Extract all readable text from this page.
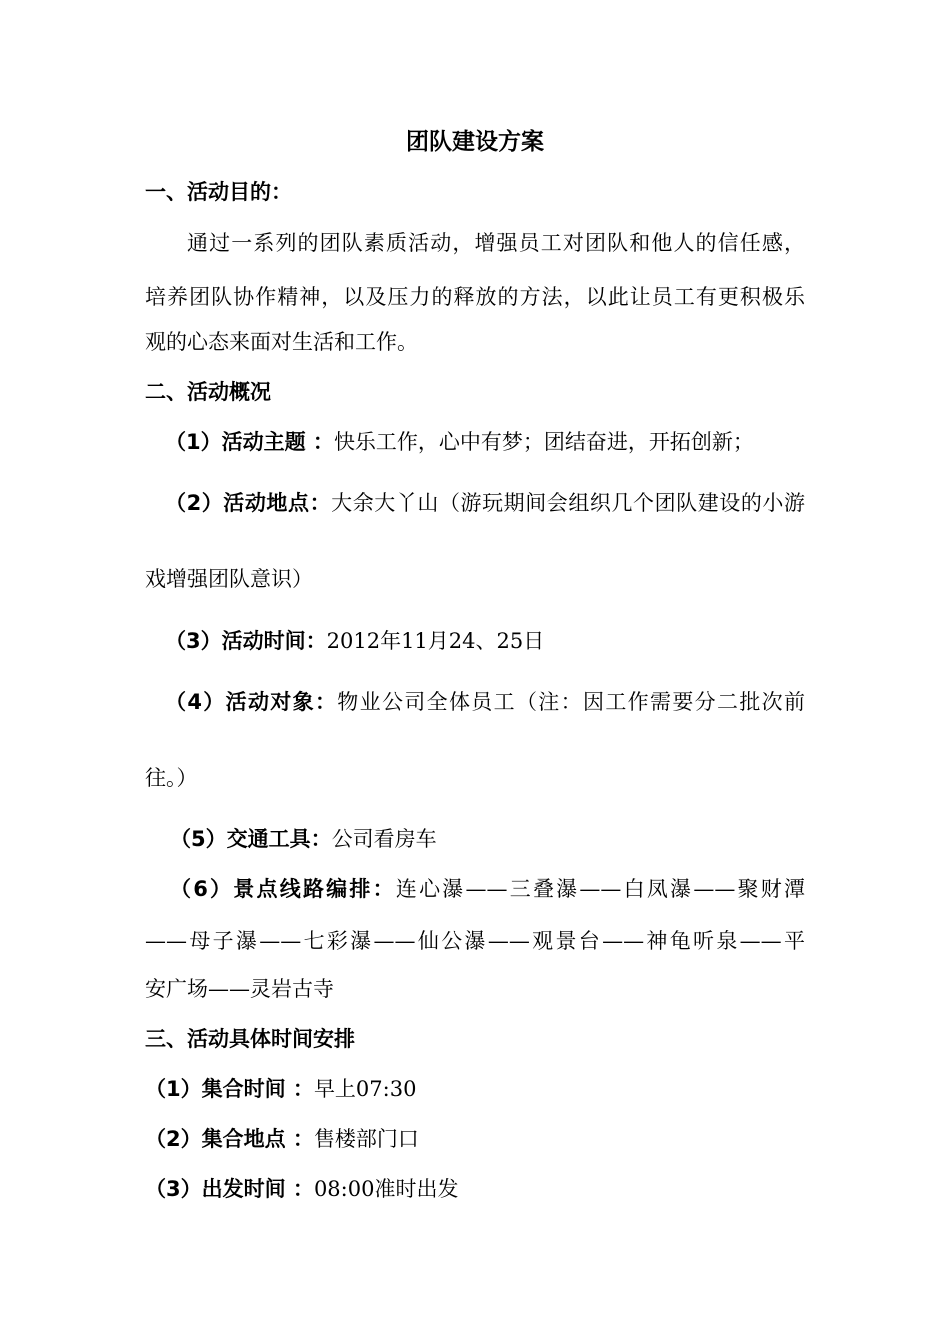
团队建设方案
一、活动目的：
通过一系列的团队素质活动，增强员工对团队和他人的信任感，
培养团队协作精神，以及压力的释放的方法，以此让员工有更积极乐
观的心态来面对生活和工作。
二、活动概况
（1）活动主题 ：快乐工作，心中有梦；团结奋进，开拓创新；
（2）活动地点：大余大丫山（游玩期间会组织几个团队建设的小游
戏增强团队意识）
（3）活动时间：2012年11月24、25日
（4）活动对象：物业公司全体员工（注：因工作需要分二批次前
往。）
（5）交通工具：公司看房车
（6）景点线路编排：连心瀑——三叠瀑——白凤瀑——聚财潭
——母子瀑——七彩瀑——仙公瀑——观景台——神龟听泉——平
安广场——灵岩古寺
三、活动具体时间安排
（1）集合时间 ：早上07:30
（2）集合地点 ：售楼部门口
（3）出发时间 ：08:00准时出发
